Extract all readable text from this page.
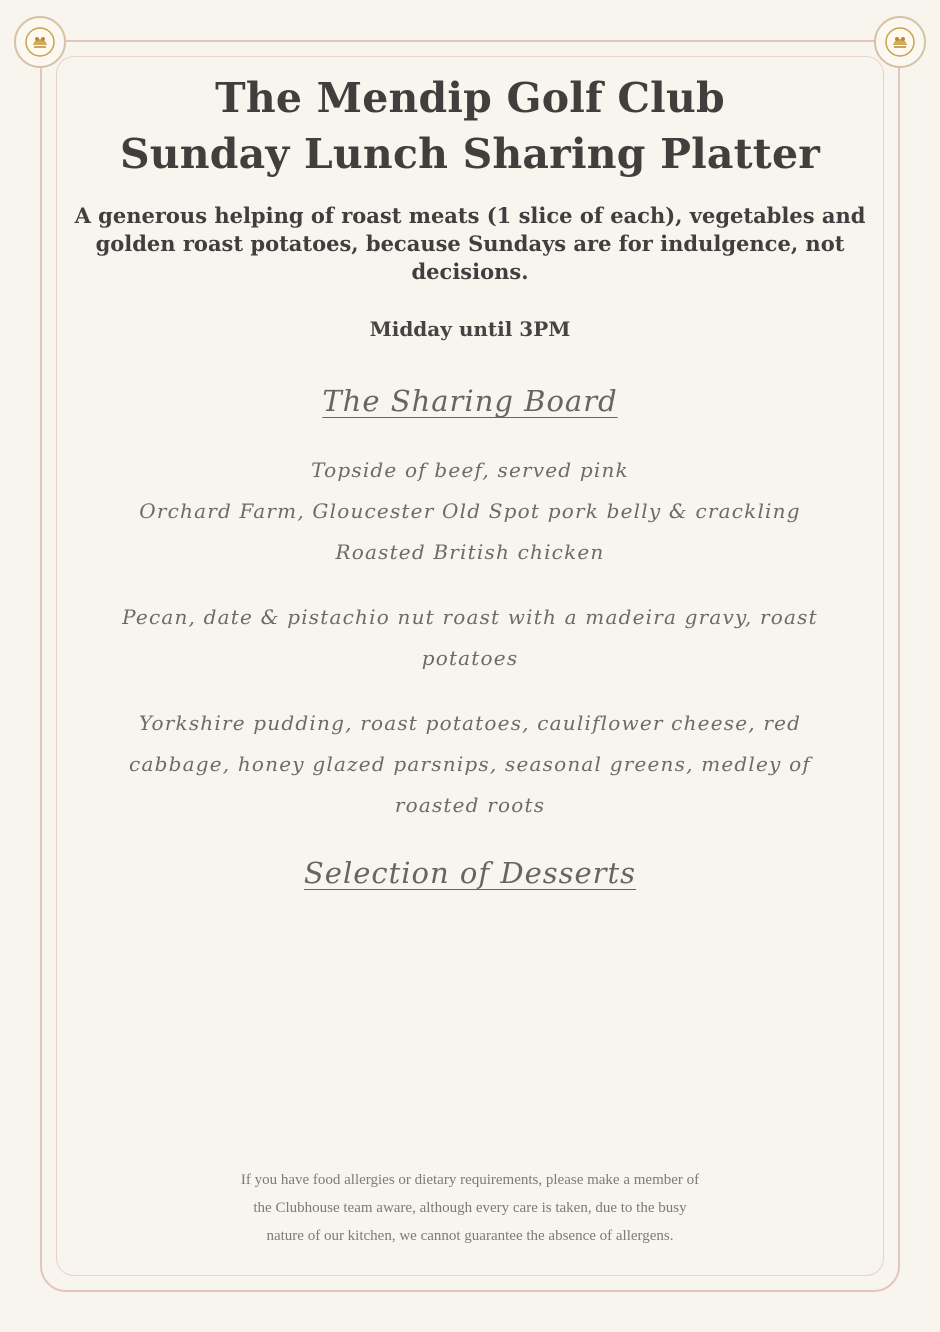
The Mendip Golf Club
Sunday Lunch Sharing Platter
A generous helping of roast meats (1 slice of each), vegetables and golden roast potatoes, because Sundays are for indulgence, not decisions.
Midday until 3PM
The Sharing Board
Topside of beef, served pink
Orchard Farm, Gloucester Old Spot pork belly & crackling
Roasted British chicken
Pecan, date & pistachio nut roast with a madeira gravy, roast
potatoes
Yorkshire pudding, roast potatoes, cauliflower cheese, red
cabbage, honey glazed parsnips, seasonal greens, medley of
roasted roots
Selection of Desserts
If you have food allergies or dietary requirements, please make a member of
the Clubhouse team aware, although every care is taken, due to the busy
nature of our kitchen, we cannot guarantee the absence of allergens.
